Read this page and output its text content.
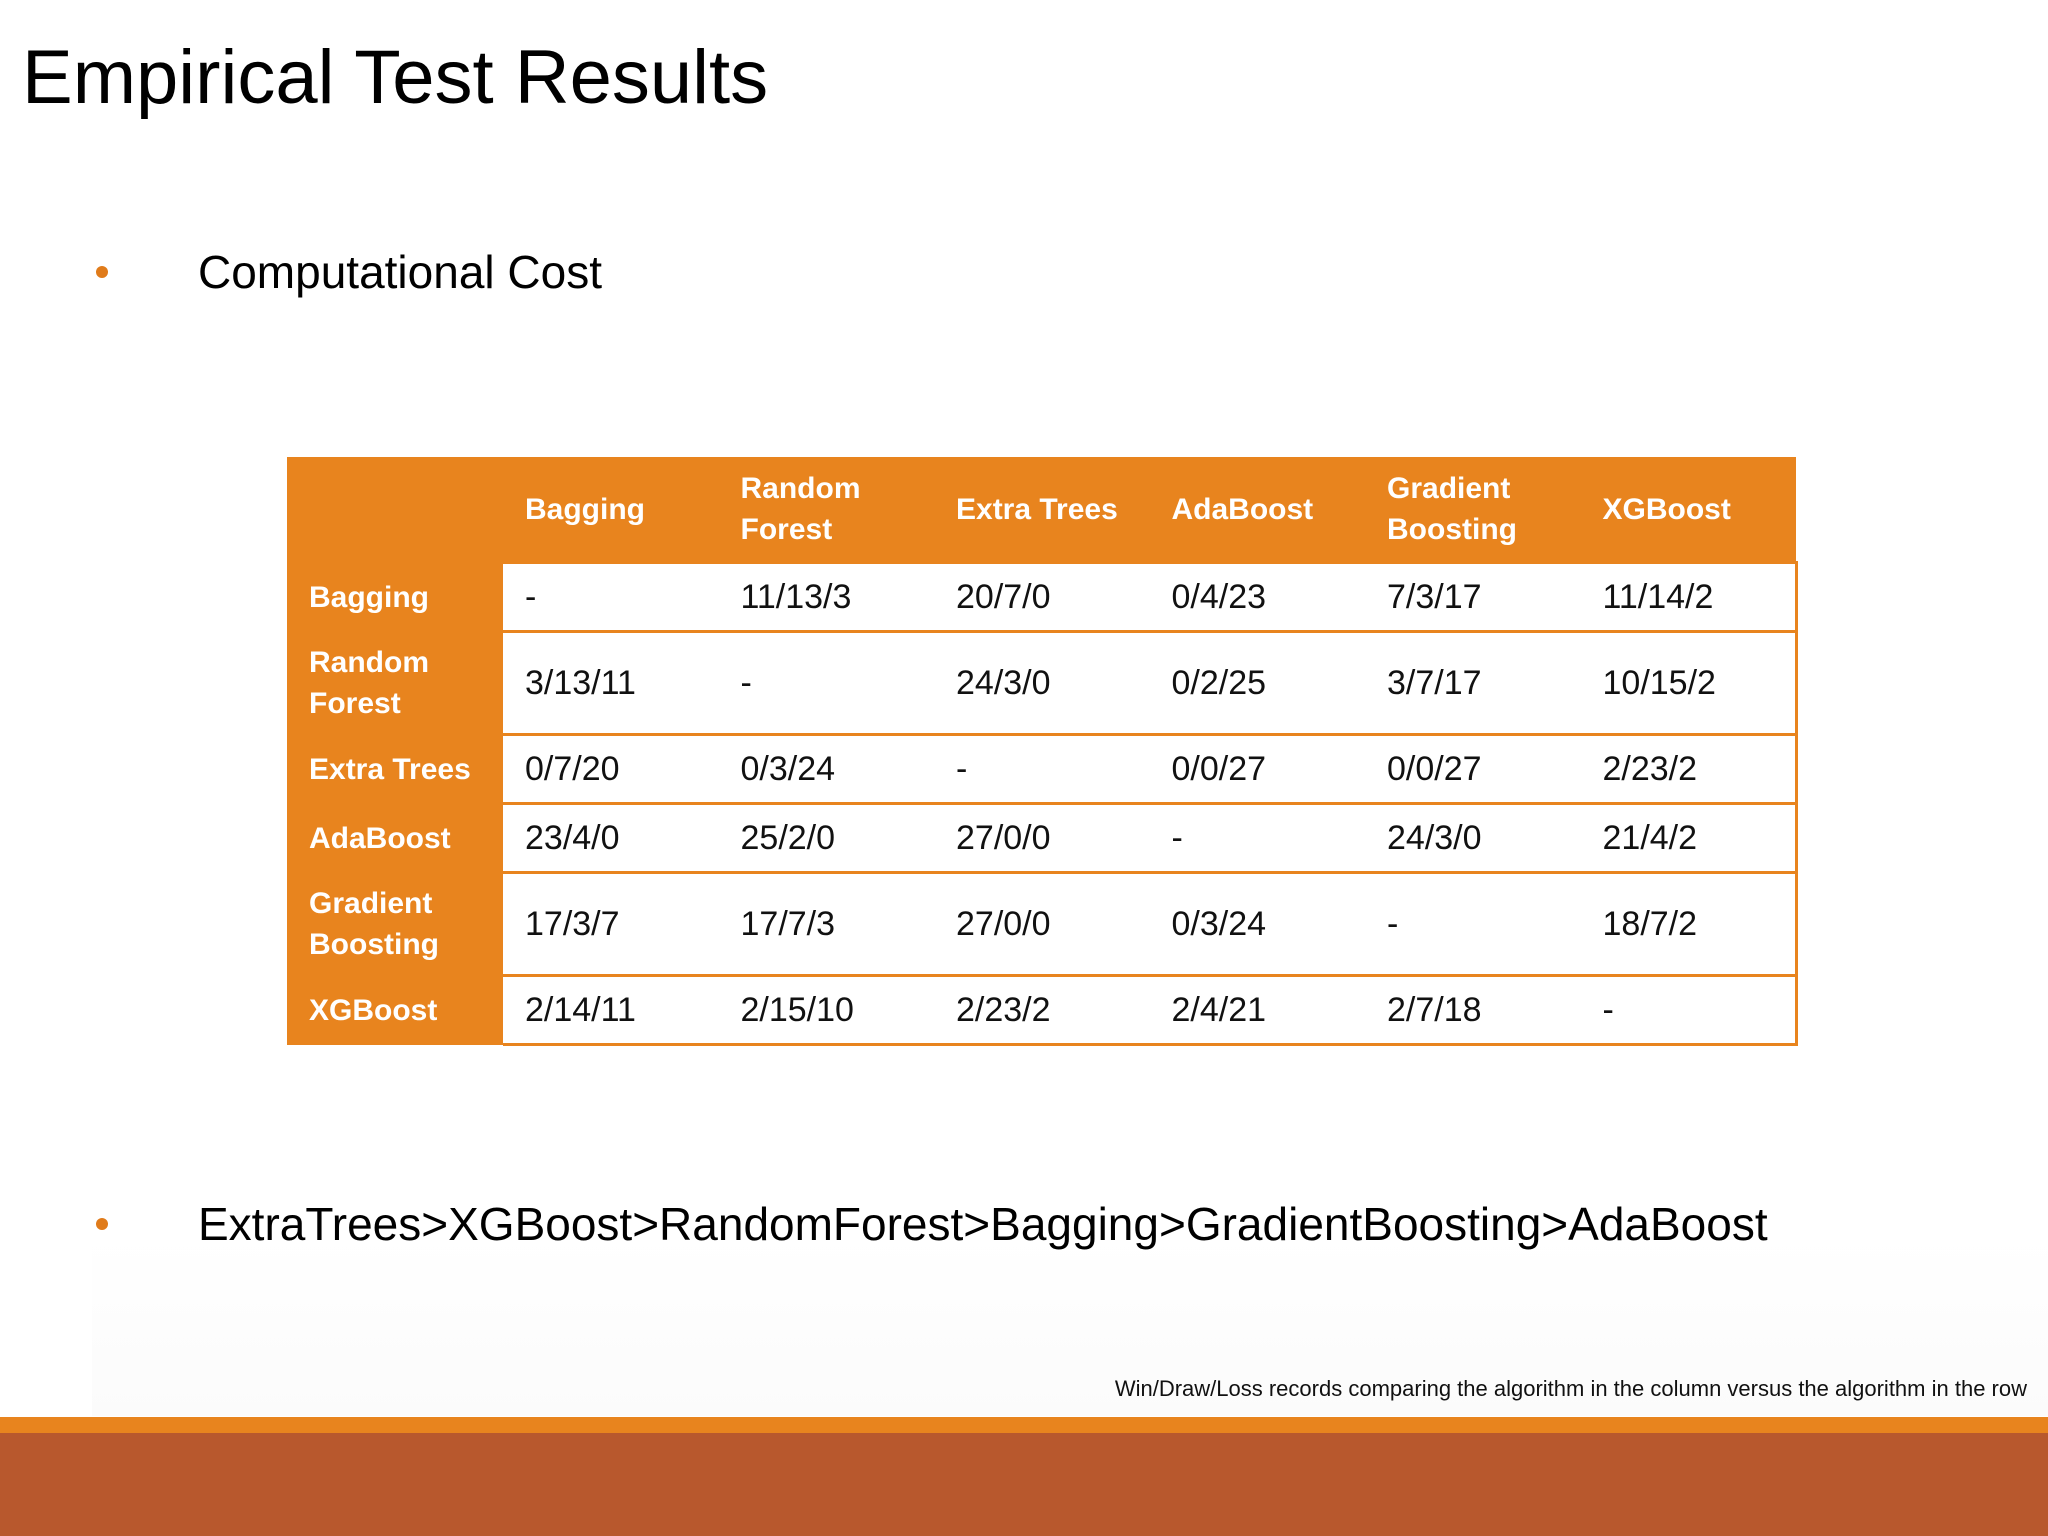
Empirical Test Results
Computational Cost
	Bagging	Random Forest	Extra Trees	AdaBoost	Gradient Boosting	XGBoost
Bagging	-	11/13/3	20/7/0	0/4/23	7/3/17	11/14/2
Random Forest	3/13/11	-	24/3/0	0/2/25	3/7/17	10/15/2
Extra Trees	0/7/20	0/3/24	-	0/0/27	0/0/27	2/23/2
AdaBoost	23/4/0	25/2/0	27/0/0	-	24/3/0	21/4/2
Gradient Boosting	17/3/7	17/7/3	27/0/0	0/3/24	-	18/7/2
XGBoost	2/14/11	2/15/10	2/23/2	2/4/21	2/7/18	-
ExtraTrees>XGBoost>RandomForest>Bagging>GradientBoosting>AdaBoost
Win/Draw/Loss records comparing the algorithm in the column versus the algorithm in the row
